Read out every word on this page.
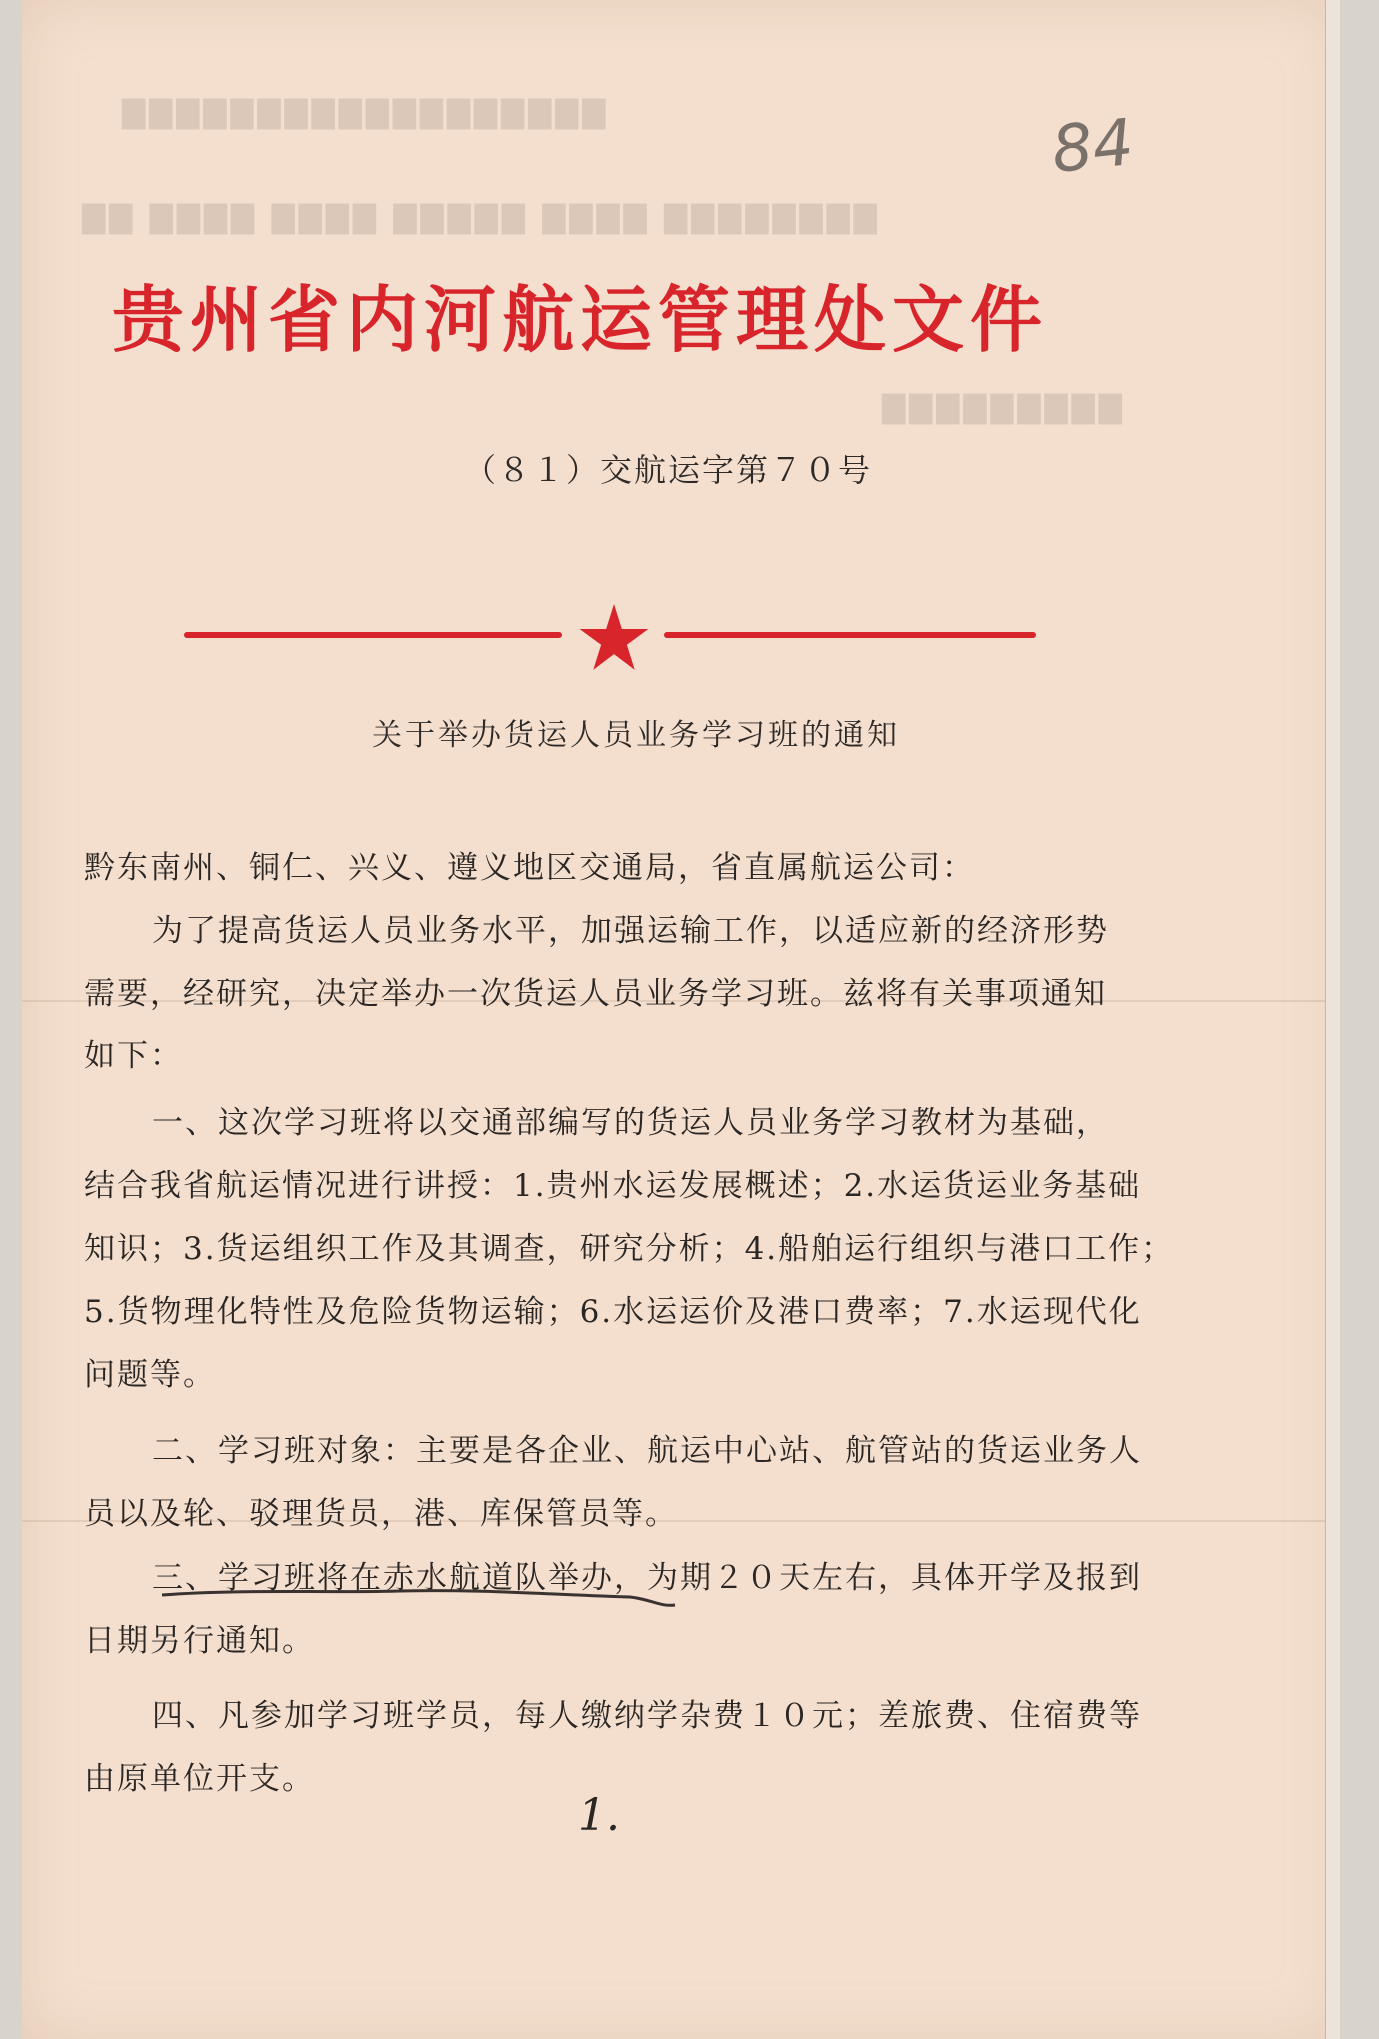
▇▇▇▇▇▇▇▇▇▇▇▇▇▇▇▇▇▇
▇▇ ▇▇▇▇ ▇▇▇▇ ▇▇▇▇▇ ▇▇▇▇ ▇▇▇▇▇▇▇▇
▇▇▇▇▇▇▇▇▇
84
贵州省内河航运管理处文件
（８１）交航运字第７０号
关于举办货运人员业务学习班的通知
黔东南州、铜仁、兴义、遵义地区交通局，省直属航运公司：
为了提高货运人员业务水平，加强运输工作，以适应新的经济形势
需要，经研究，决定举办一次货运人员业务学习班。兹将有关事项通知
如下：
一、这次学习班将以交通部编写的货运人员业务学习教材为基础，
结合我省航运情况进行讲授：1.贵州水运发展概述；2.水运货运业务基础
知识；3.货运组织工作及其调查，研究分析；4.船舶运行组织与港口工作；
5.货物理化特性及危险货物运输；6.水运运价及港口费率；7.水运现代化
问题等。
二、学习班对象：主要是各企业、航运中心站、航管站的货运业务人
员以及轮、驳理货员，港、库保管员等。
三、学习班将在赤水航道队举办，为期２０天左右，具体开学及报到
日期另行通知。
四、凡参加学习班学员，每人缴纳学杂费１０元；差旅费、住宿费等
由原单位开支。
1.
